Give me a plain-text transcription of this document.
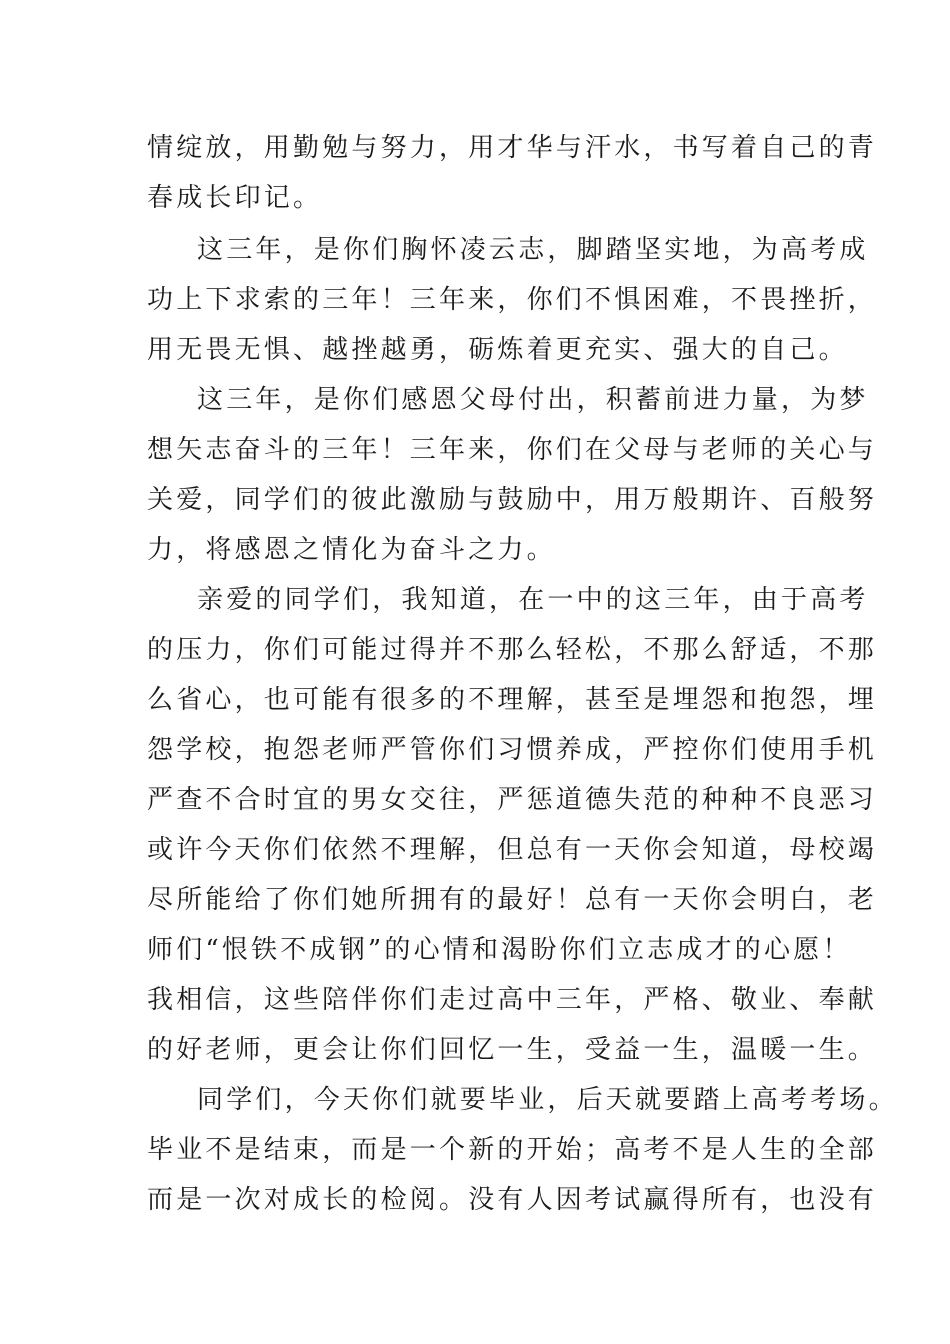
情绽放，用勤勉与努力，用才华与汗水，书写着自己的青
春成长印记。
这三年，是你们胸怀凌云志，脚踏坚实地，为高考成
功上下求索的三年！三年来，你们不惧困难，不畏挫折，
用无畏无惧、越挫越勇，砺炼着更充实、强大的自己。
这三年，是你们感恩父母付出，积蓄前进力量，为梦
想矢志奋斗的三年！三年来，你们在父母与老师的关心与
关爱，同学们的彼此激励与鼓励中，用万般期许、百般努
力，将感恩之情化为奋斗之力。
亲爱的同学们，我知道，在一中的这三年，由于高考
的压力，你们可能过得并不那么轻松，不那么舒适，不那
么省心，也可能有很多的不理解，甚至是埋怨和抱怨，埋
怨学校，抱怨老师严管你们习惯养成，严控你们使用手机
严查不合时宜的男女交往，严惩道德失范的种种不良恶习
或许今天你们依然不理解，但总有一天你会知道，母校竭
尽所能给了你们她所拥有的最好！总有一天你会明白，老
师们“恨铁不成钢”的心情和渴盼你们立志成才的心愿！
我相信，这些陪伴你们走过高中三年，严格、敬业、奉献
的好老师，更会让你们回忆一生，受益一生，温暖一生。
同学们，今天你们就要毕业，后天就要踏上高考考场。
毕业不是结束，而是一个新的开始；高考不是人生的全部
而是一次对成长的检阅。没有人因考试赢得所有，也没有
